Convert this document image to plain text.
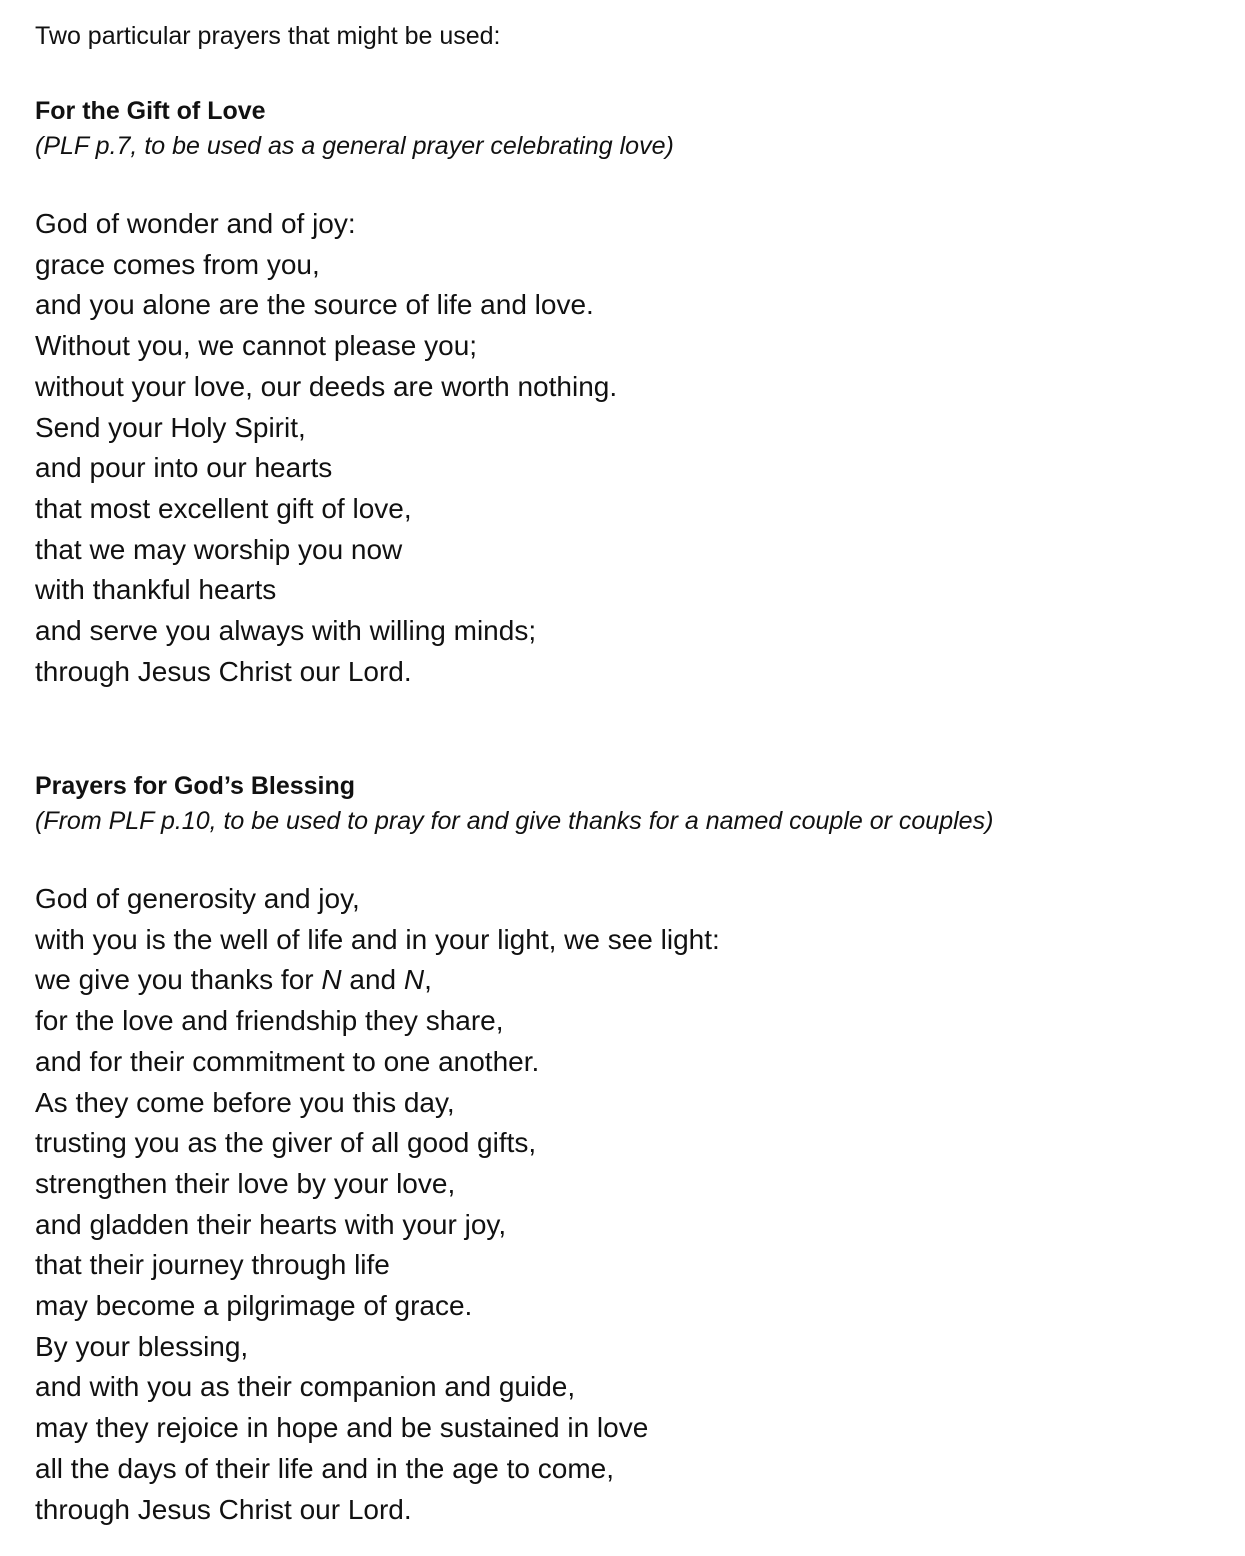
Two particular prayers that might be used:
For the Gift of Love
(PLF p.7, to be used as a general prayer celebrating love)
God of wonder and of joy:
grace comes from you,
and you alone are the source of life and love.
Without you, we cannot please you;
without your love, our deeds are worth nothing.
Send your Holy Spirit,
and pour into our hearts
that most excellent gift of love,
that we may worship you now
with thankful hearts
and serve you always with willing minds;
through Jesus Christ our Lord.
Prayers for God’s Blessing
(From PLF p.10, to be used to pray for and give thanks for a named couple or couples)
God of generosity and joy,
with you is the well of life and in your light, we see light:
we give you thanks for N and N,
for the love and friendship they share,
and for their commitment to one another.
As they come before you this day,
trusting you as the giver of all good gifts,
strengthen their love by your love,
and gladden their hearts with your joy,
that their journey through life
may become a pilgrimage of grace.
By your blessing,
and with you as their companion and guide,
may they rejoice in hope and be sustained in love
all the days of their life and in the age to come,
through Jesus Christ our Lord.
